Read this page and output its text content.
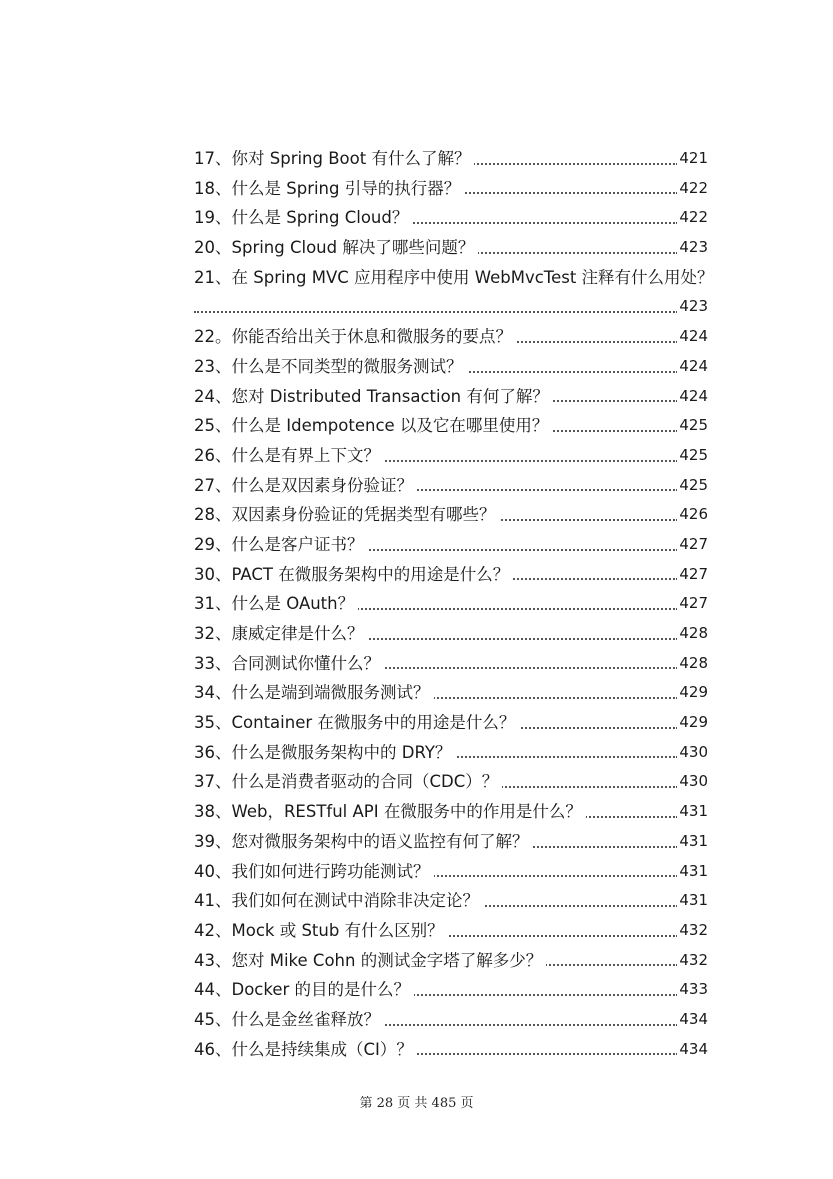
17、你对 Spring Boot 有什么了解？	421
18、什么是 Spring 引导的执行器？	422
19、什么是 Spring Cloud？	422
20、Spring Cloud 解决了哪些问题？	423
21、在 Spring MVC 应用程序中使用 WebMvcTest 注释有什么用处？
423
22。你能否给出关于休息和微服务的要点？	424
23、什么是不同类型的微服务测试？	424
24、您对 Distributed Transaction 有何了解？	424
25、什么是 Idempotence 以及它在哪里使用？	425
26、什么是有界上下文？	425
27、什么是双因素身份验证？	425
28、双因素身份验证的凭据类型有哪些？	426
29、什么是客户证书？	427
30、PACT 在微服务架构中的用途是什么？	427
31、什么是 OAuth？	427
32、康威定律是什么？	428
33、合同测试你懂什么？	428
34、什么是端到端微服务测试？	429
35、Container 在微服务中的用途是什么？	429
36、什么是微服务架构中的 DRY？	430
37、什么是消费者驱动的合同（CDC）？	430
38、Web，RESTful API 在微服务中的作用是什么？	431
39、您对微服务架构中的语义监控有何了解？	431
40、我们如何进行跨功能测试？	431
41、我们如何在测试中消除非决定论？	431
42、Mock 或 Stub 有什么区别？	432
43、您对 Mike Cohn 的测试金字塔了解多少？	432
44、Docker 的目的是什么？	433
45、什么是金丝雀释放？	434
46、什么是持续集成（CI）？	434
第 28 页 共 485 页
